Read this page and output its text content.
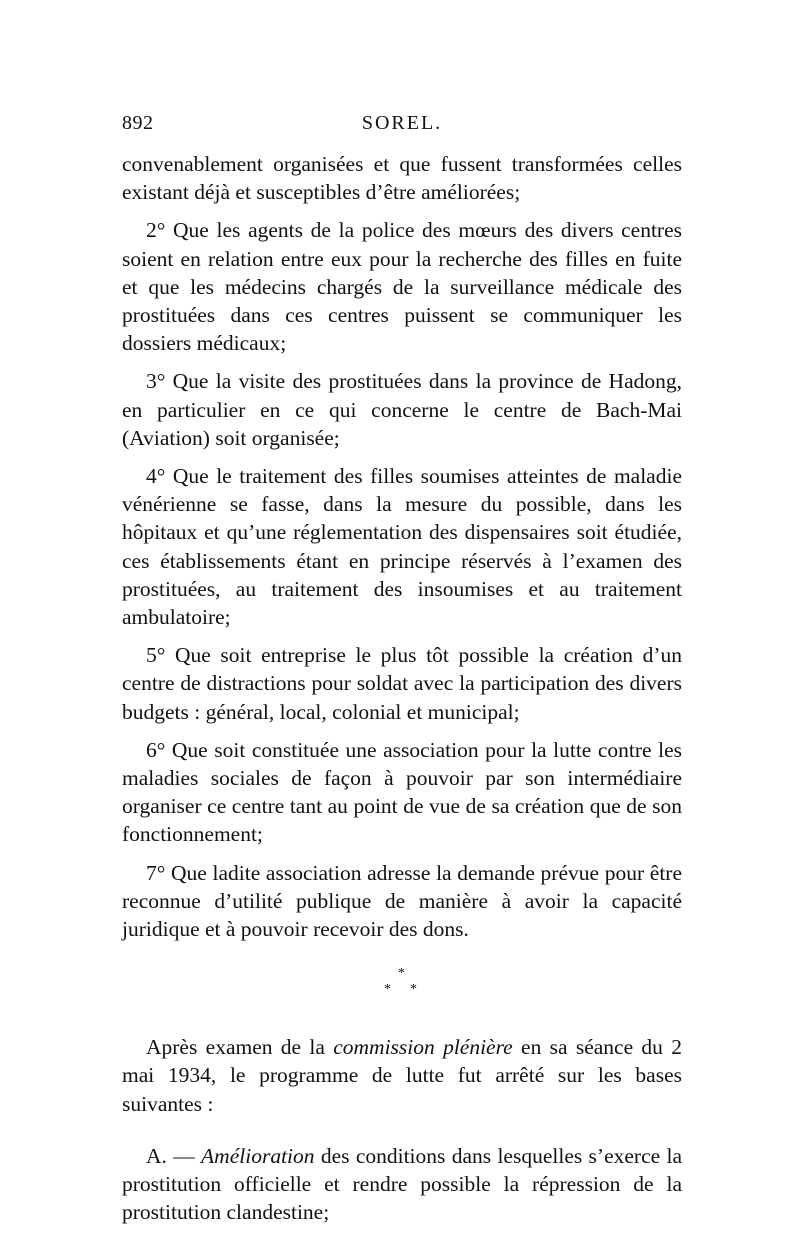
892	SOREL.

convenablement organisées et que fussent transformées celles existant déjà et susceptibles d’être améliorées;

2° Que les agents de la police des mœurs des divers centres soient en relation entre eux pour la recherche des filles en fuite et que les médecins chargés de la surveillance médicale des prostituées dans ces centres puissent se communiquer les dossiers médicaux;

3° Que la visite des prostituées dans la province de Hadong, en particulier en ce qui concerne le centre de Bach-Mai (Aviation) soit organisée;

4° Que le traitement des filles soumises atteintes de maladie vénérienne se fasse, dans la mesure du possible, dans les hôpitaux et qu’une réglementation des dispensaires soit étudiée, ces établissements étant en principe réservés à l’examen des prostituées, au traitement des insoumises et au traitement ambulatoire;

5° Que soit entreprise le plus tôt possible la création d’un centre de distractions pour soldat avec la participation des divers budgets : général, local, colonial et municipal;

6° Que soit constituée une association pour la lutte contre les maladies sociales de façon à pouvoir par son intermédiaire organiser ce centre tant au point de vue de sa création que de son fonctionnement;

7° Que ladite association adresse la demande prévue pour être reconnue d’utilité publique de manière à avoir la capacité juridique et à pouvoir recevoir des dons.

*
* *

Après examen de la commission plénière en sa séance du 2 mai 1934, le programme de lutte fut arrêté sur les bases suivantes :

A. — Amélioration des conditions dans lesquelles s’exerce la prostitution officielle et rendre possible la répression de la prostitution clandestine;
